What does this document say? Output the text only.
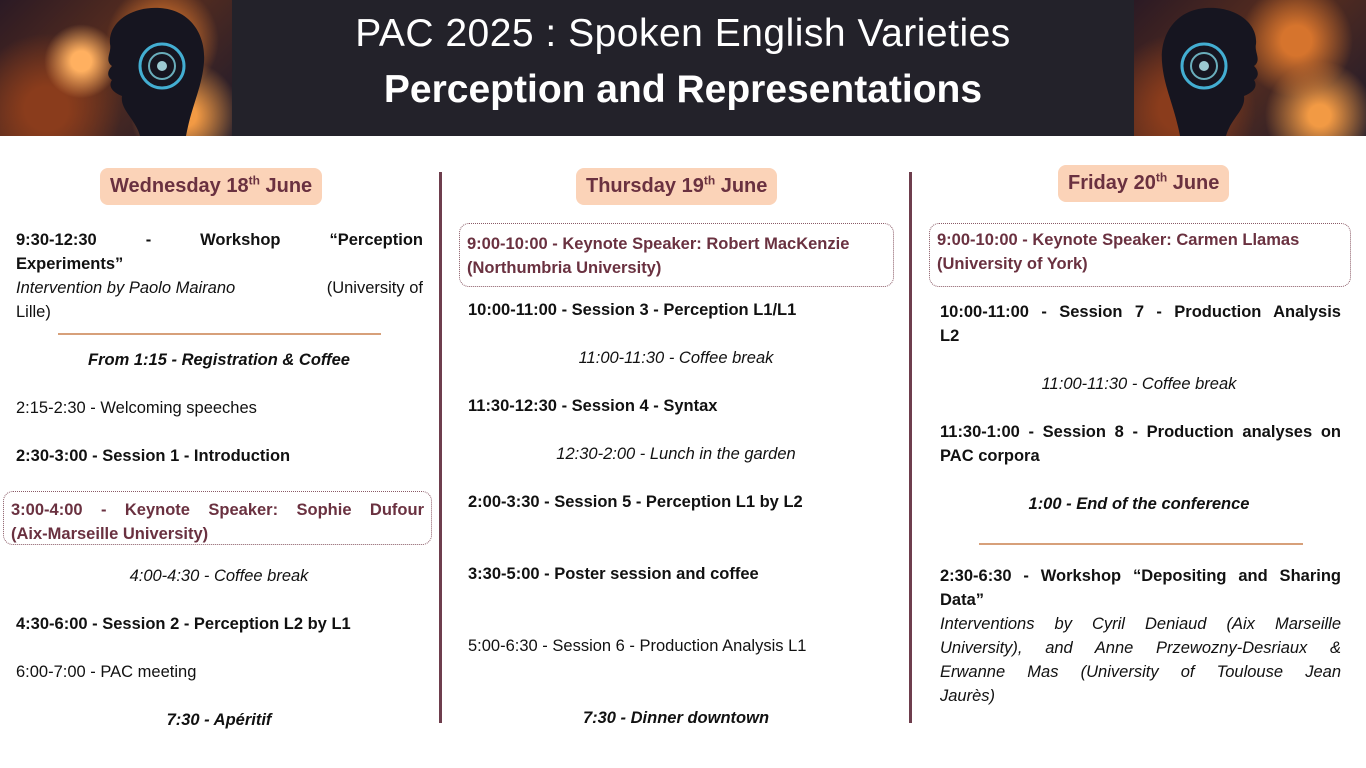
PAC 2025 : Spoken English Varieties
Perception and Representations
Wednesday 18th June
9:30-12:30	-	Workshop	“Perception
Experiments”
Intervention by Paolo Mairano	(University of
Lille)
From 1:15 - Registration & Coffee
2:15-2:30 - Welcoming speeches
2:30-3:00 - Session 1 - Introduction
3:00-4:00 - Keynote Speaker: Sophie Dufour
(Aix-Marseille University)
4:00-4:30 - Coffee break
4:30-6:00 - Session 2 - Perception L2 by L1
6:00-7:00 - PAC meeting
7:30 - Apéritif
Thursday 19th June
9:00-10:00 - Keynote Speaker: Robert MacKenzie
(Northumbria University)
10:00-11:00 - Session 3 - Perception L1/L1
11:00-11:30 - Coffee break
11:30-12:30 - Session 4 - Syntax
12:30-2:00 - Lunch in the garden
2:00-3:30 - Session 5 - Perception L1 by L2
3:30-5:00 - Poster session and coffee
5:00-6:30 - Session 6 - Production Analysis L1
7:30 - Dinner downtown
Friday 20th June
9:00-10:00 - Keynote Speaker: Carmen Llamas
(University of York)
10:00-11:00 - Session 7 - Production Analysis
L2
11:00-11:30 - Coffee break
11:30-1:00 - Session 8 - Production analyses on
PAC corpora
1:00 - End of the conference
2:30-6:30 - Workshop “Depositing and Sharing
Data”
Interventions by Cyril Deniaud (Aix Marseille
University), and Anne Przewozny-Desriaux &
Erwanne Mas (University of Toulouse Jean
Jaurès)
